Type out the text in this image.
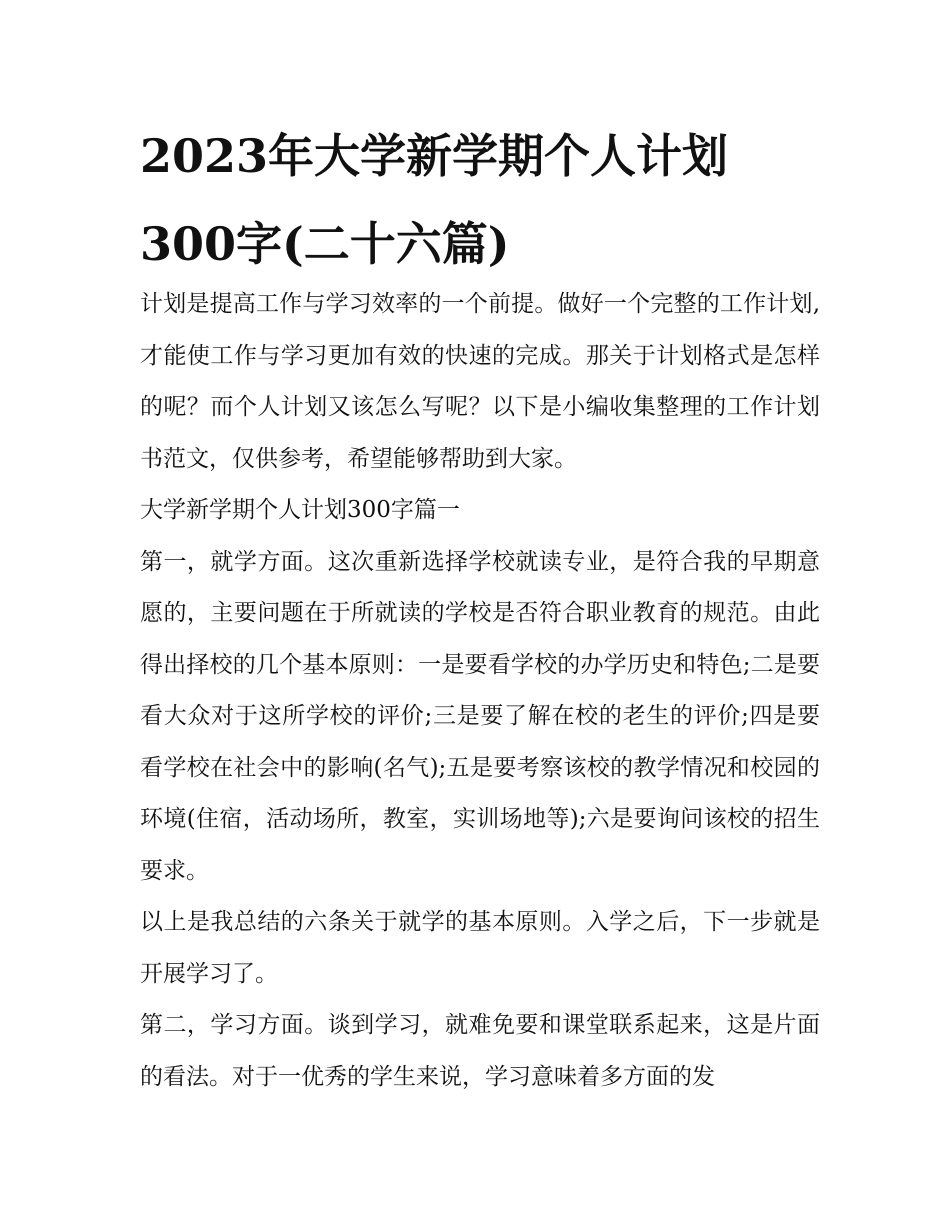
2023年大学新学期个人计划300字(二十六篇)

计划是提高工作与学习效率的一个前提。做好一个完整的工作计划,才能使工作与学习更加有效的快速的完成。那关于计划格式是怎样的呢？而个人计划又该怎么写呢？以下是小编收集整理的工作计划书范文，仅供参考，希望能够帮助到大家。

大学新学期个人计划300字篇一

第一，就学方面。这次重新选择学校就读专业，是符合我的早期意愿的，主要问题在于所就读的学校是否符合职业教育的规范。由此得出择校的几个基本原则：一是要看学校的办学历史和特色;二是要看大众对于这所学校的评价;三是要了解在校的老生的评价;四是要看学校在社会中的影响(名气);五是要考察该校的教学情况和校园的环境(住宿，活动场所，教室，实训场地等);六是要询问该校的招生要求。

以上是我总结的六条关于就学的基本原则。入学之后，下一步就是开展学习了。

第二，学习方面。谈到学习，就难免要和课堂联系起来，这是片面的看法。对于一优秀的学生来说，学习意味着多方面的发
